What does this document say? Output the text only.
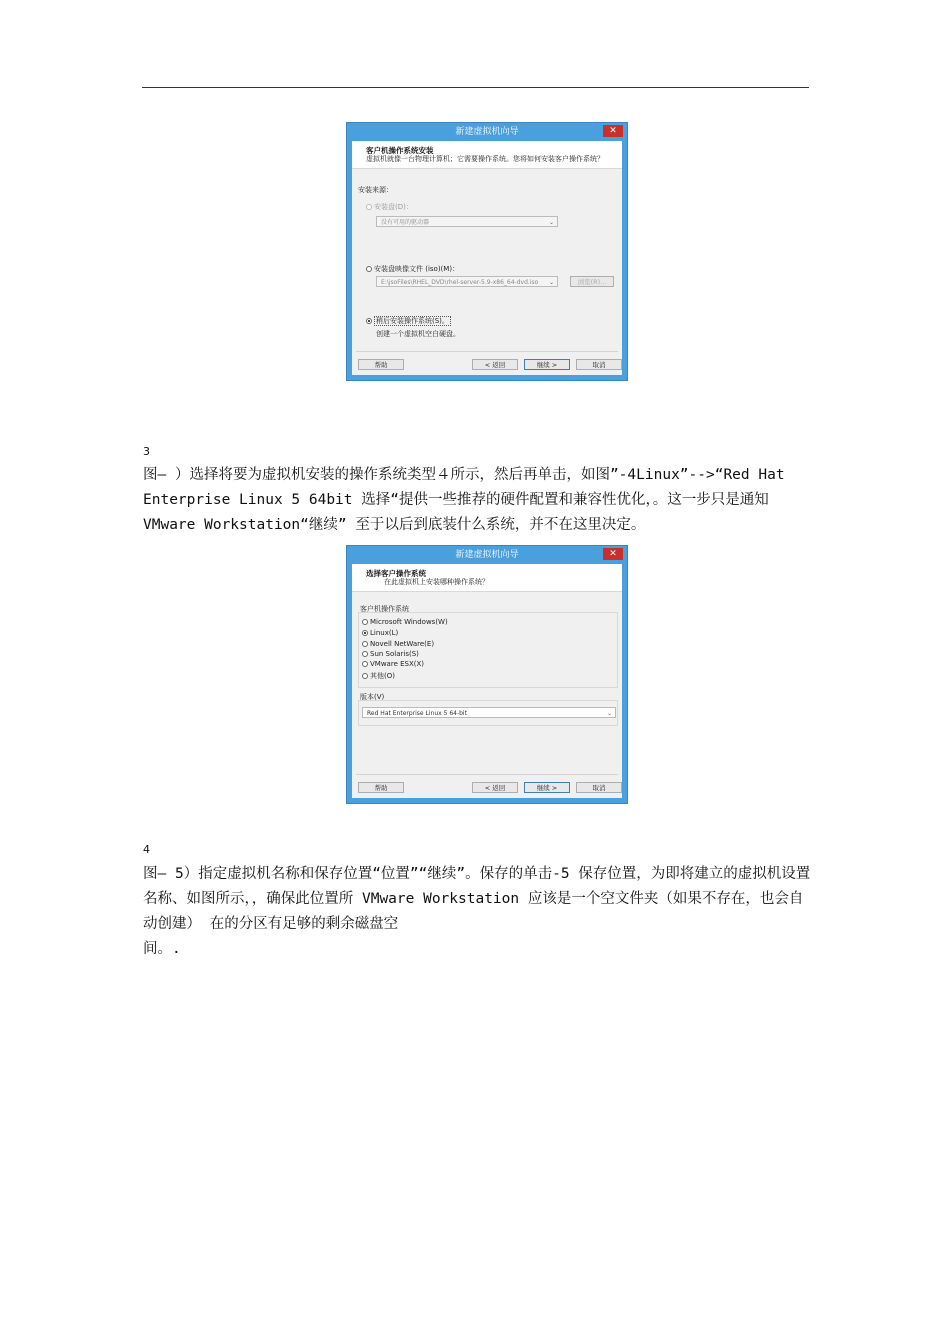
新建虚拟机向导	✕
客户机操作系统安装
虚拟机就像一台物理计算机；它需要操作系统。您将如何安装客户操作系统？
安装来源：
安装盘(D)：
没有可用的驱动器	⌄
安装盘映像文件 (iso)(M)：
E:\jsoFiles\RHEL_DVD\rhel-server-5.9-x86_64-dvd.iso ⌄	浏览(R)...
稍后安装操作系统(S)。
创建一个虚拟机空白硬盘。
帮助	< 返回	继续 >	取消
3
图— ）选择将要为虚拟机安装的操作系统类型４所示，然后再单击，如图”-4Linux”-->“Red Hat Enterprise Linux 5 64bit 选择“提供一些推荐的硬件配置和兼容性优化，。这一步只是通知 VMware Workstation“继续” 至于以后到底装什么系统，并不在这里决定。
新建虚拟机向导	✕
选择客户操作系统
在此虚拟机上安装哪种操作系统？
客户机操作系统
Microsoft Windows(W)
Linux(L)
Novell NetWare(E)
Sun Solaris(S)
VMware ESX(X)
其他(O)
版本(V)
Red Hat Enterprise Linux 5 64-bit	⌄
帮助	< 返回	继续 >	取消
4
图— 5）指定虚拟机名称和保存位置“位置”“继续”。保存的单击-5 保存位置，为即将建立的虚拟机设置名称、如图所示，，确保此位置所 VMware Workstation 应该是一个空文件夹（如果不存在，也会自动创建） 在的分区有足够的剩余磁盘空
间。.
